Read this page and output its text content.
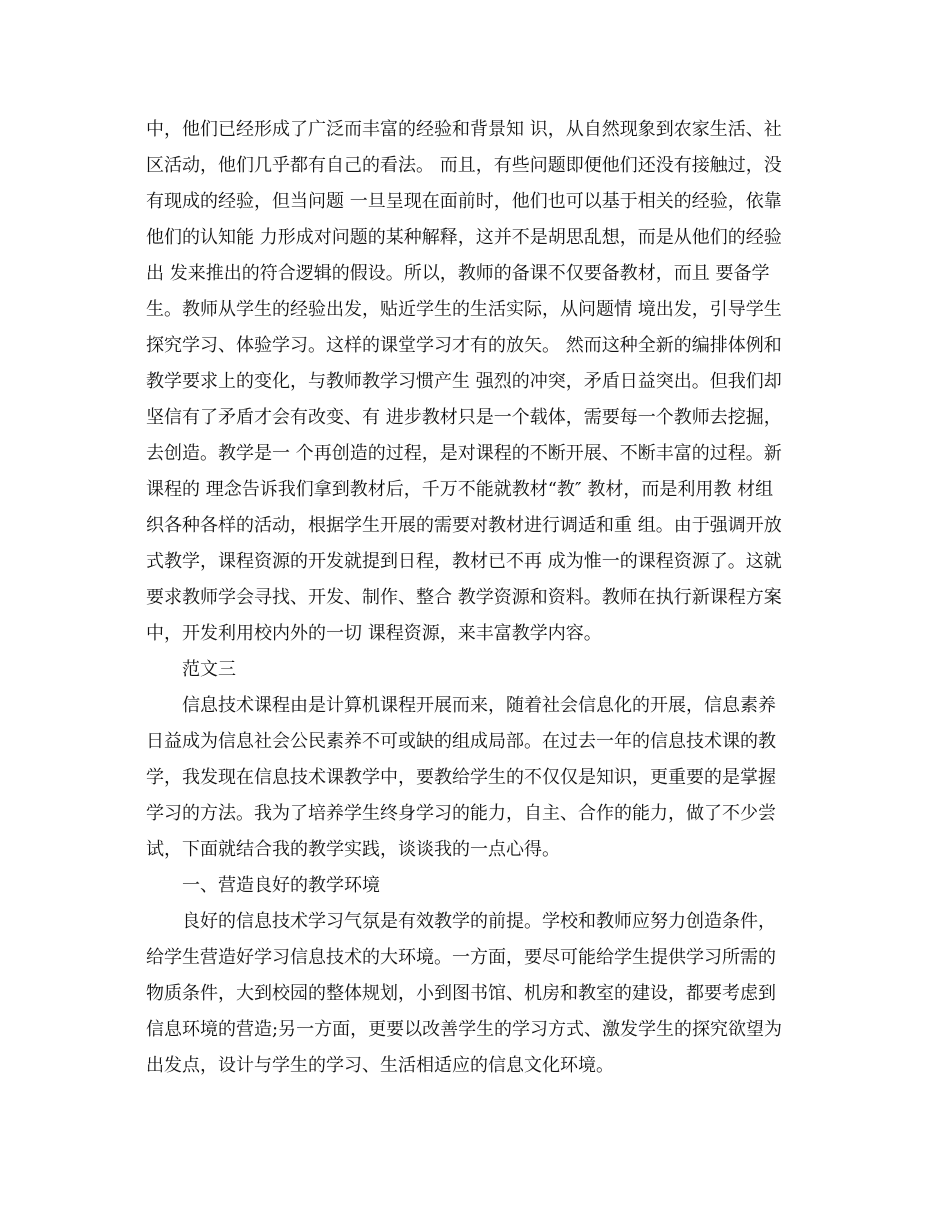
中，他们已经形成了广泛而丰富的经验和背景知 识，从自然现象到农家生活、社
区活动，他们几乎都有自己的看法。 而且，有些问题即便他们还没有接触过，没
有现成的经验，但当问题 一旦呈现在面前时，他们也可以基于相关的经验，依靠
他们的认知能 力形成对问题的某种解释，这并不是胡思乱想，而是从他们的经验
出 发来推出的符合逻辑的假设。所以，教师的备课不仅要备教材，而且 要备学
生。教师从学生的经验出发，贴近学生的生活实际，从问题情 境出发，引导学生
探究学习、体验学习。这样的课堂学习才有的放矢。 然而这种全新的编排体例和
教学要求上的变化，与教师教学习惯产生 强烈的冲突，矛盾日益突出。但我们却
坚信有了矛盾才会有改变、有 进步教材只是一个载体，需要每一个教师去挖掘，
去创造。教学是一 个再创造的过程，是对课程的不断开展、不断丰富的过程。新
课程的 理念告诉我们拿到教材后，千万不能就教材“教″ 教材，而是利用教 材组
织各种各样的活动，根据学生开展的需要对教材进行调适和重 组。由于强调开放
式教学，课程资源的开发就提到日程，教材已不再 成为惟一的课程资源了。这就
要求教师学会寻找、开发、制作、整合 教学资源和资料。教师在执行新课程方案
中，开发利用校内外的一切 课程资源，来丰富教学内容。
范文三
信息技术课程由是计算机课程开展而来，随着社会信息化的开展，信息素养
日益成为信息社会公民素养不可或缺的组成局部。在过去一年的信息技术课的教
学，我发现在信息技术课教学中，要教给学生的不仅仅是知识，更重要的是掌握
学习的方法。我为了培养学生终身学习的能力，自主、合作的能力，做了不少尝
试，下面就结合我的教学实践，谈谈我的一点心得。
一、营造良好的教学环境
良好的信息技术学习气氛是有效教学的前提。学校和教师应努力创造条件，
给学生营造好学习信息技术的大环境。一方面，要尽可能给学生提供学习所需的
物质条件，大到校园的整体规划，小到图书馆、机房和教室的建设，都要考虑到
信息环境的营造;另一方面，更要以改善学生的学习方式、激发学生的探究欲望为
出发点，设计与学生的学习、生活相适应的信息文化环境。
